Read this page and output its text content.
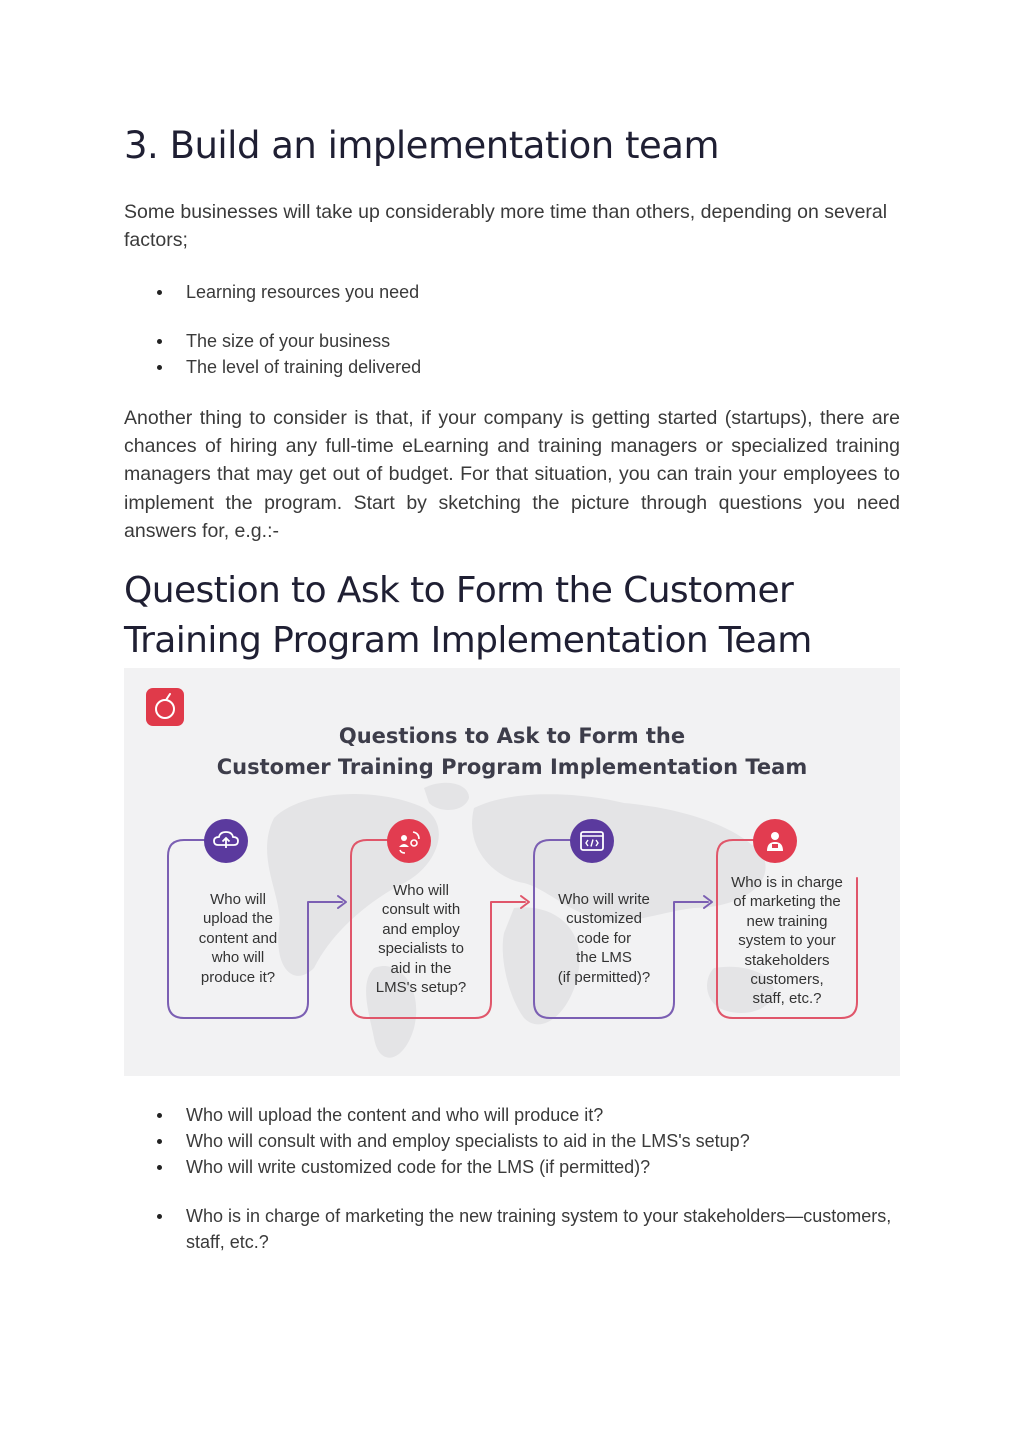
3. Build an implementation team

Some businesses will take up considerably more time than others, depending on several factors;

Learning resources you need
The size of your business
The level of training delivered

Another thing to consider is that, if your company is getting started (startups), there are chances of hiring any full-time eLearning and training managers or specialized training managers that may get out of budget. For that situation, you can train your employees to implement the program. Start by sketching the picture through questions you need answers for, e.g.:-

Question to Ask to Form the Customer Training Program Implementation Team
Questions to Ask to Form the
Customer Training Program Implementation Team
Who will
upload the
content and
who will
produce it?
Who will
consult with
and employ
specialists to
aid in the
LMS's setup?
Who will write
customized
code for
the LMS
(if permitted)?
Who is in charge
of marketing the
new training
system to your
stakeholders
customers,
staff, etc.?
Who will upload the content and who will produce it?
Who will consult with and employ specialists to aid in the LMS's setup?
Who will write customized code for the LMS (if permitted)?
Who is in charge of marketing the new training system to your stakeholders—customers, staff, etc.?
